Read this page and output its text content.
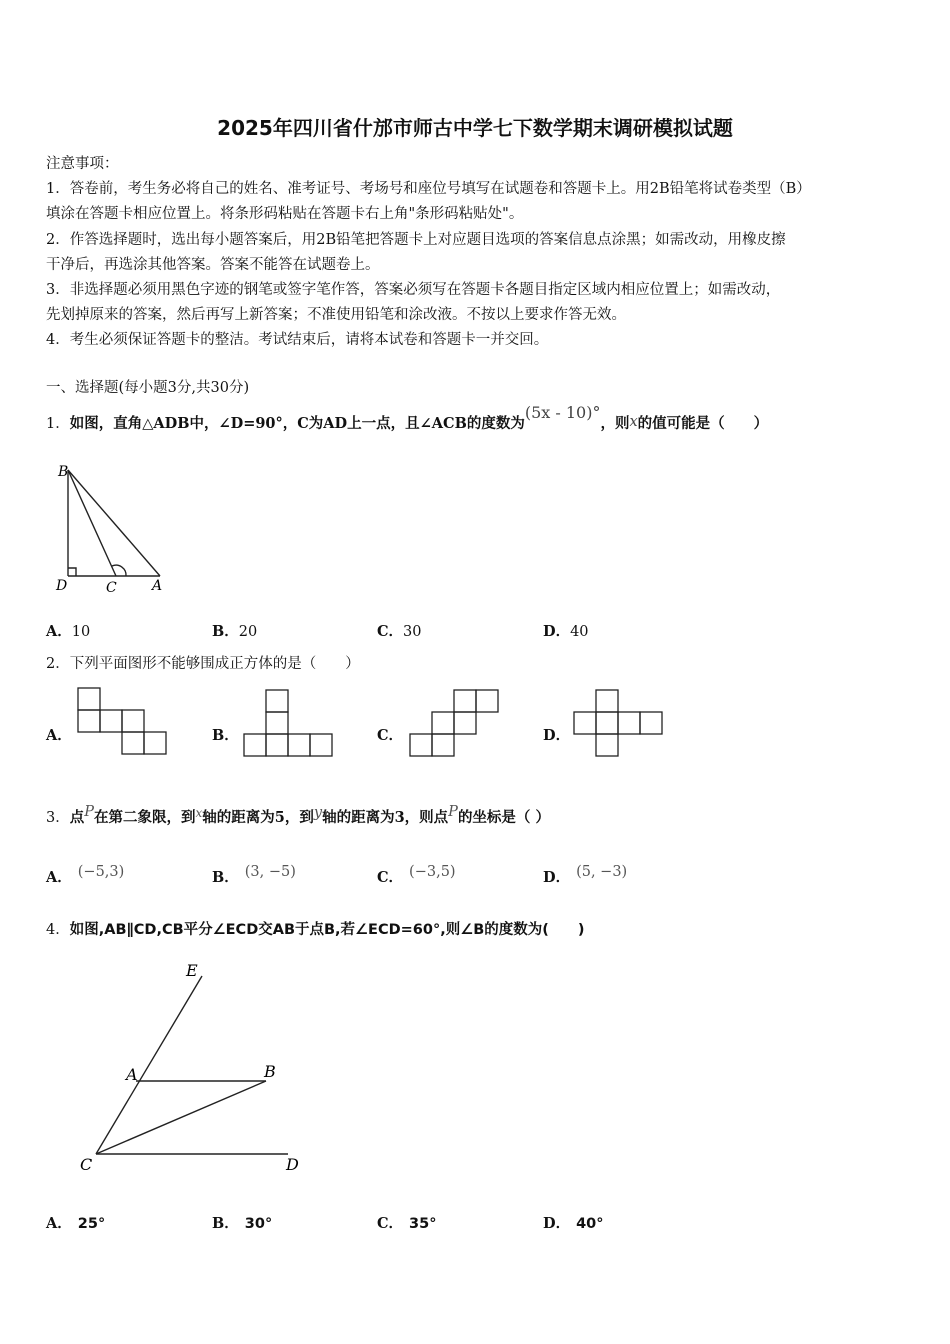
2025年四川省什邡市师古中学七下数学期末调研模拟试题
注意事项：
1．答卷前，考生务必将自己的姓名、准考证号、考场号和座位号填写在试题卷和答题卡上。用2B铅笔将试卷类型（B）
填涂在答题卡相应位置上。将条形码粘贴在答题卡右上角"条形码粘贴处"。
2．作答选择题时，选出每小题答案后，用2B铅笔把答题卡上对应题目选项的答案信息点涂黑；如需改动，用橡皮擦
干净后，再选涂其他答案。答案不能答在试题卷上。
3．非选择题必须用黑色字迹的钢笔或签字笔作答，答案必须写在答题卡各题目指定区域内相应位置上；如需改动，
先划掉原来的答案，然后再写上新答案；不准使用铅笔和涂改液。不按以上要求作答无效。
4．考生必须保证答题卡的整洁。考试结束后，请将本试卷和答题卡一并交回。
一、选择题(每小题3分,共30分)
1．如图，直角△ADB中，∠D=90°，C为AD上一点，且∠ACB的度数为(5x - 10)°，则x的值可能是（　　）
B
D	C	A
A．10	B．20	C．30	D．40
2．下列平面图形不能够围成正方体的是（　　）
A．	B．	C．	D．
3．点P在第二象限，到$^x$轴的距离为5，到y轴的距离为3，则点P的坐标是（ ）
A． (−5,3)	B． (3, −5)	C． (−3,5)	D． (5, −3)
4．如图,AB∥CD,CB平分∠ECD交AB于点B,若∠ECD=60°,则∠B的度数为(　　)
E
A	B
C	D
A． 25°	B． 30°	C． 35°	D． 40°
